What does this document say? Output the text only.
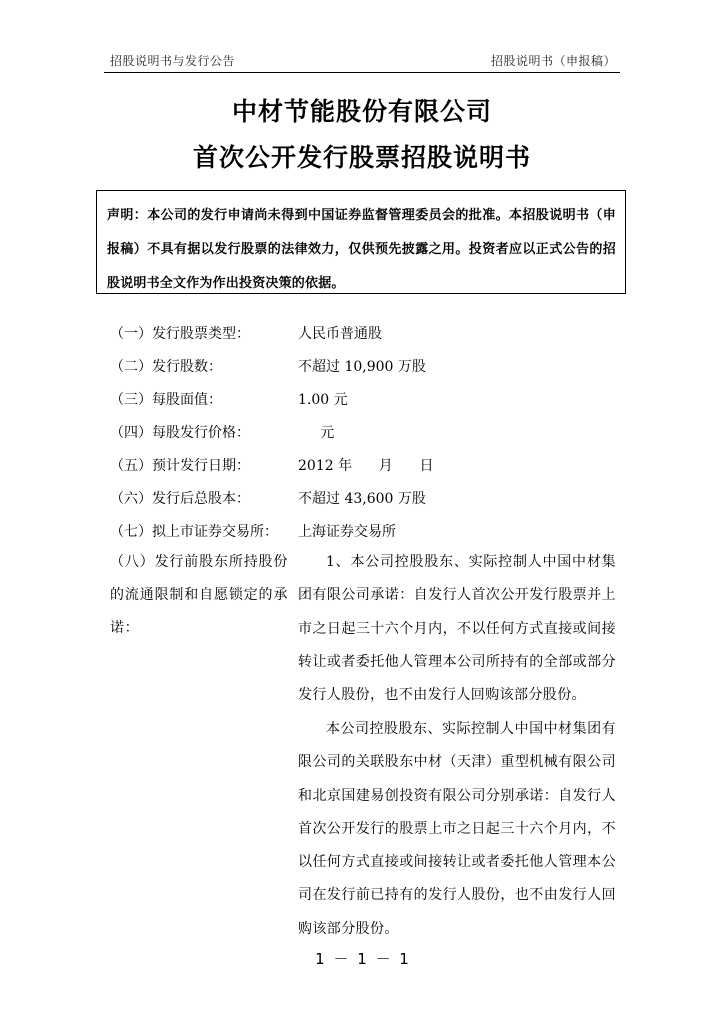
招股说明书与发行公告	招股说明书（申报稿）
中材节能股份有限公司
首次公开发行股票招股说明书
声明：本公司的发行申请尚未得到中国证券监督管理委员会的批准。本招股说明书（申报稿）不具有据以发行股票的法律效力，仅供预先披露之用。投资者应以正式公告的招股说明书全文作为作出投资决策的依据。
（一）发行股票类型：	人民币普通股
（二）发行股数：	不超过 10,900 万股
（三）每股面值：	1.00 元
（四）每股发行价格：	元
（五）预计发行日期：	2012 年      月      日
（六）发行后总股本：	不超过 43,600 万股
（七）拟上市证券交易所： 上海证券交易所
（八）发行前股东所持股份的流通限制和自愿锁定的承诺：
1、本公司控股股东、实际控制人中国中材集团有限公司承诺：自发行人首次公开发行股票并上市之日起三十六个月内，不以任何方式直接或间接转让或者委托他人管理本公司所持有的全部或部分发行人股份，也不由发行人回购该部分股份。
本公司控股股东、实际控制人中国中材集团有限公司的关联股东中材（天津）重型机械有限公司和北京国建易创投资有限公司分别承诺：自发行人首次公开发行的股票上市之日起三十六个月内，不以任何方式直接或间接转让或者委托他人管理本公司在发行前已持有的发行人股份，也不由发行人回购该部分股份。
1 － 1 － 1
